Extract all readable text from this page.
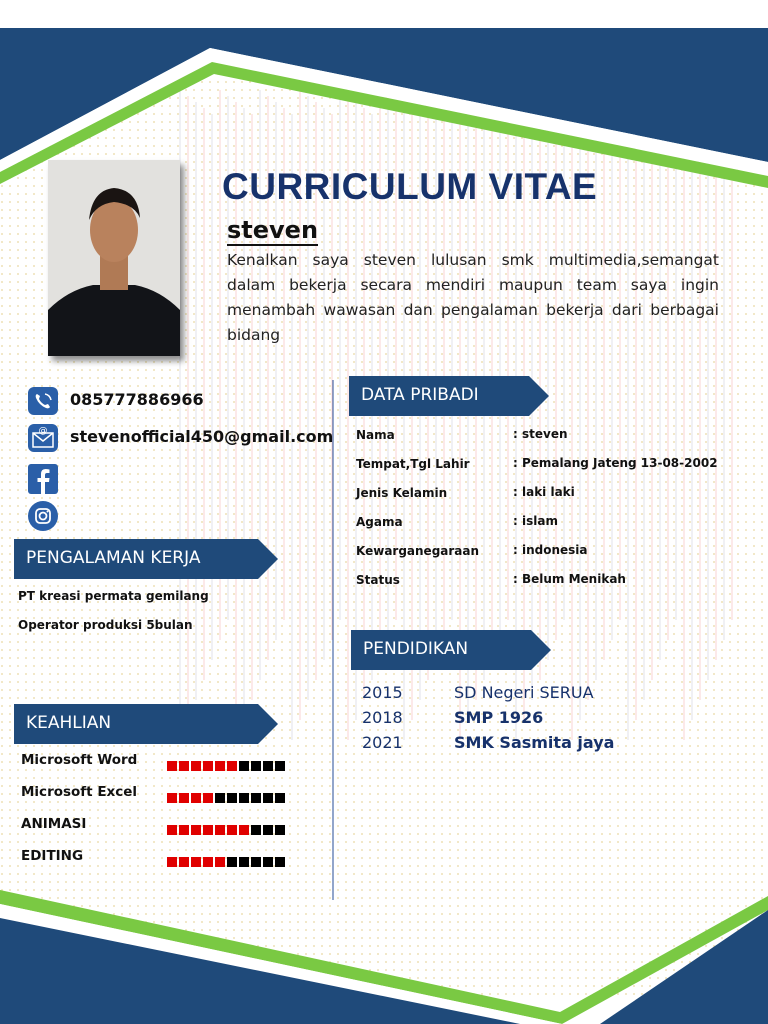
CURRICULUM VITAE
steven
Kenalkan saya steven lulusan smk multimedia,semangat dalam bekerja secara mendiri maupun team saya ingin menambah wawasan dan pengalaman bekerja dari berbagai bidang
085777886966
@ stevenofficial450@gmail.com
PENGALAMAN KERJA
PT kreasi permata gemilang
Operator produksi 5bulan
KEAHLIAN
Microsoft Word
Microsoft Excel
ANIMASI
EDITING
DATA PRIBADI
Nama	: steven
Tempat,Tgl Lahir	: Pemalang Jateng 13-08-2002
Jenis Kelamin	: laki laki
Agama	: islam
Kewarganegaraan	: indonesia
Status	: Belum Menikah
PENDIDIKAN
2015	SD Negeri SERUA
2018	SMP 1926
2021	SMK Sasmita jaya
